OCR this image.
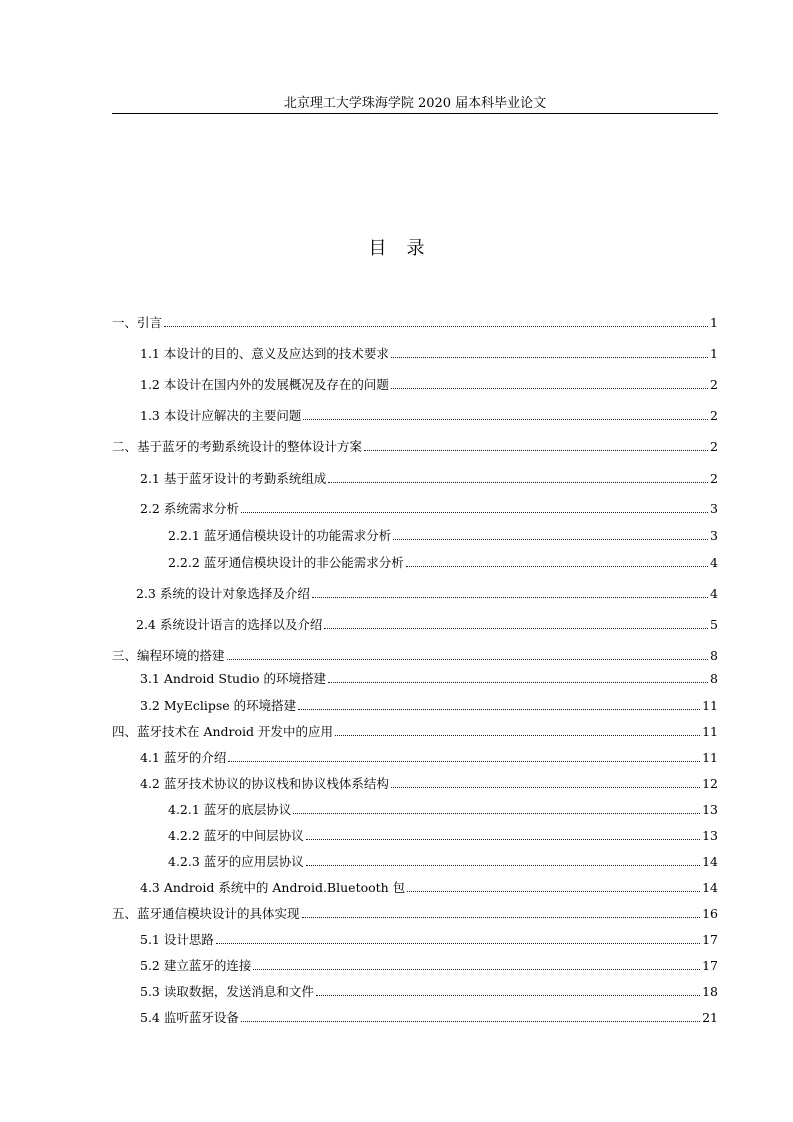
北京理工大学珠海学院 2020 届本科毕业论文
目录
一、引言	1
1.1 本设计的目的、意义及应达到的技术要求	1
1.2 本设计在国内外的发展概况及存在的问题	2
1.3 本设计应解决的主要问题	2
二、基于蓝牙的考勤系统设计的整体设计方案	2
2.1 基于蓝牙设计的考勤系统组成	2
2.2 系统需求分析	3
2.2.1 蓝牙通信模块设计的功能需求分析	3
2.2.2 蓝牙通信模块设计的非公能需求分析	4
2.3 系统的设计对象选择及介绍	4
2.4 系统设计语言的选择以及介绍	5
三、编程环境的搭建	8
3.1 Android Studio 的环境搭建	8
3.2 MyEclipse 的环境搭建	11
四、蓝牙技术在 Android 开发中的应用	11
4.1 蓝牙的介绍	11
4.2 蓝牙技术协议的协议栈和协议栈体系结构	12
4.2.1 蓝牙的底层协议	13
4.2.2 蓝牙的中间层协议	13
4.2.3 蓝牙的应用层协议	14
4.3 Android 系统中的 Android.Bluetooth 包	14
五、蓝牙通信模块设计的具体实现	16
5.1 设计思路	17
5.2 建立蓝牙的连接	17
5.3 读取数据，发送消息和文件	18
5.4 监听蓝牙设备	21
